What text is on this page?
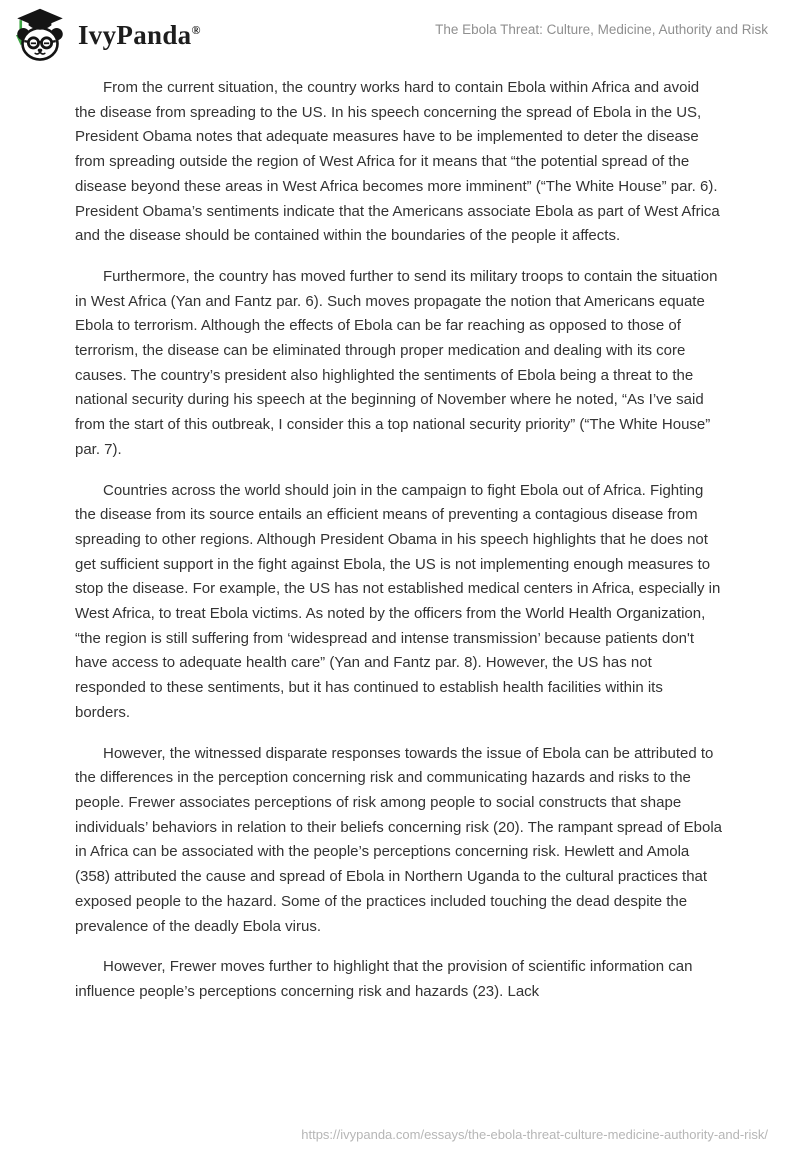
IvyPanda®	The Ebola Threat: Culture, Medicine, Authority and Risk

From the current situation, the country works hard to contain Ebola within Africa and avoid the disease from spreading to the US. In his speech concerning the spread of Ebola in the US, President Obama notes that adequate measures have to be implemented to deter the disease from spreading outside the region of West Africa for it means that “the potential spread of the disease beyond these areas in West Africa becomes more imminent” (“The White House” par. 6). President Obama’s sentiments indicate that the Americans associate Ebola as part of West Africa and the disease should be contained within the boundaries of the people it affects.

Furthermore, the country has moved further to send its military troops to contain the situation in West Africa (Yan and Fantz par. 6). Such moves propagate the notion that Americans equate Ebola to terrorism. Although the effects of Ebola can be far reaching as opposed to those of terrorism, the disease can be eliminated through proper medication and dealing with its core causes. The country’s president also highlighted the sentiments of Ebola being a threat to the national security during his speech at the beginning of November where he noted, “As I’ve said from the start of this outbreak, I consider this a top national security priority” (“The White House” par. 7).

Countries across the world should join in the campaign to fight Ebola out of Africa. Fighting the disease from its source entails an efficient means of preventing a contagious disease from spreading to other regions. Although President Obama in his speech highlights that he does not get sufficient support in the fight against Ebola, the US is not implementing enough measures to stop the disease. For example, the US has not established medical centers in Africa, especially in West Africa, to treat Ebola victims. As noted by the officers from the World Health Organization, “the region is still suffering from ‘widespread and intense transmission’ because patients don't have access to adequate health care” (Yan and Fantz par. 8). However, the US has not responded to these sentiments, but it has continued to establish health facilities within its borders.

However, the witnessed disparate responses towards the issue of Ebola can be attributed to the differences in the perception concerning risk and communicating hazards and risks to the people. Frewer associates perceptions of risk among people to social constructs that shape individuals’ behaviors in relation to their beliefs concerning risk (20). The rampant spread of Ebola in Africa can be associated with the people’s perceptions concerning risk. Hewlett and Amola (358) attributed the cause and spread of Ebola in Northern Uganda to the cultural practices that exposed people to the hazard. Some of the practices included touching the dead despite the prevalence of the deadly Ebola virus.

However, Frewer moves further to highlight that the provision of scientific information can influence people’s perceptions concerning risk and hazards (23). Lack

https://ivypanda.com/essays/the-ebola-threat-culture-medicine-authority-and-risk/
